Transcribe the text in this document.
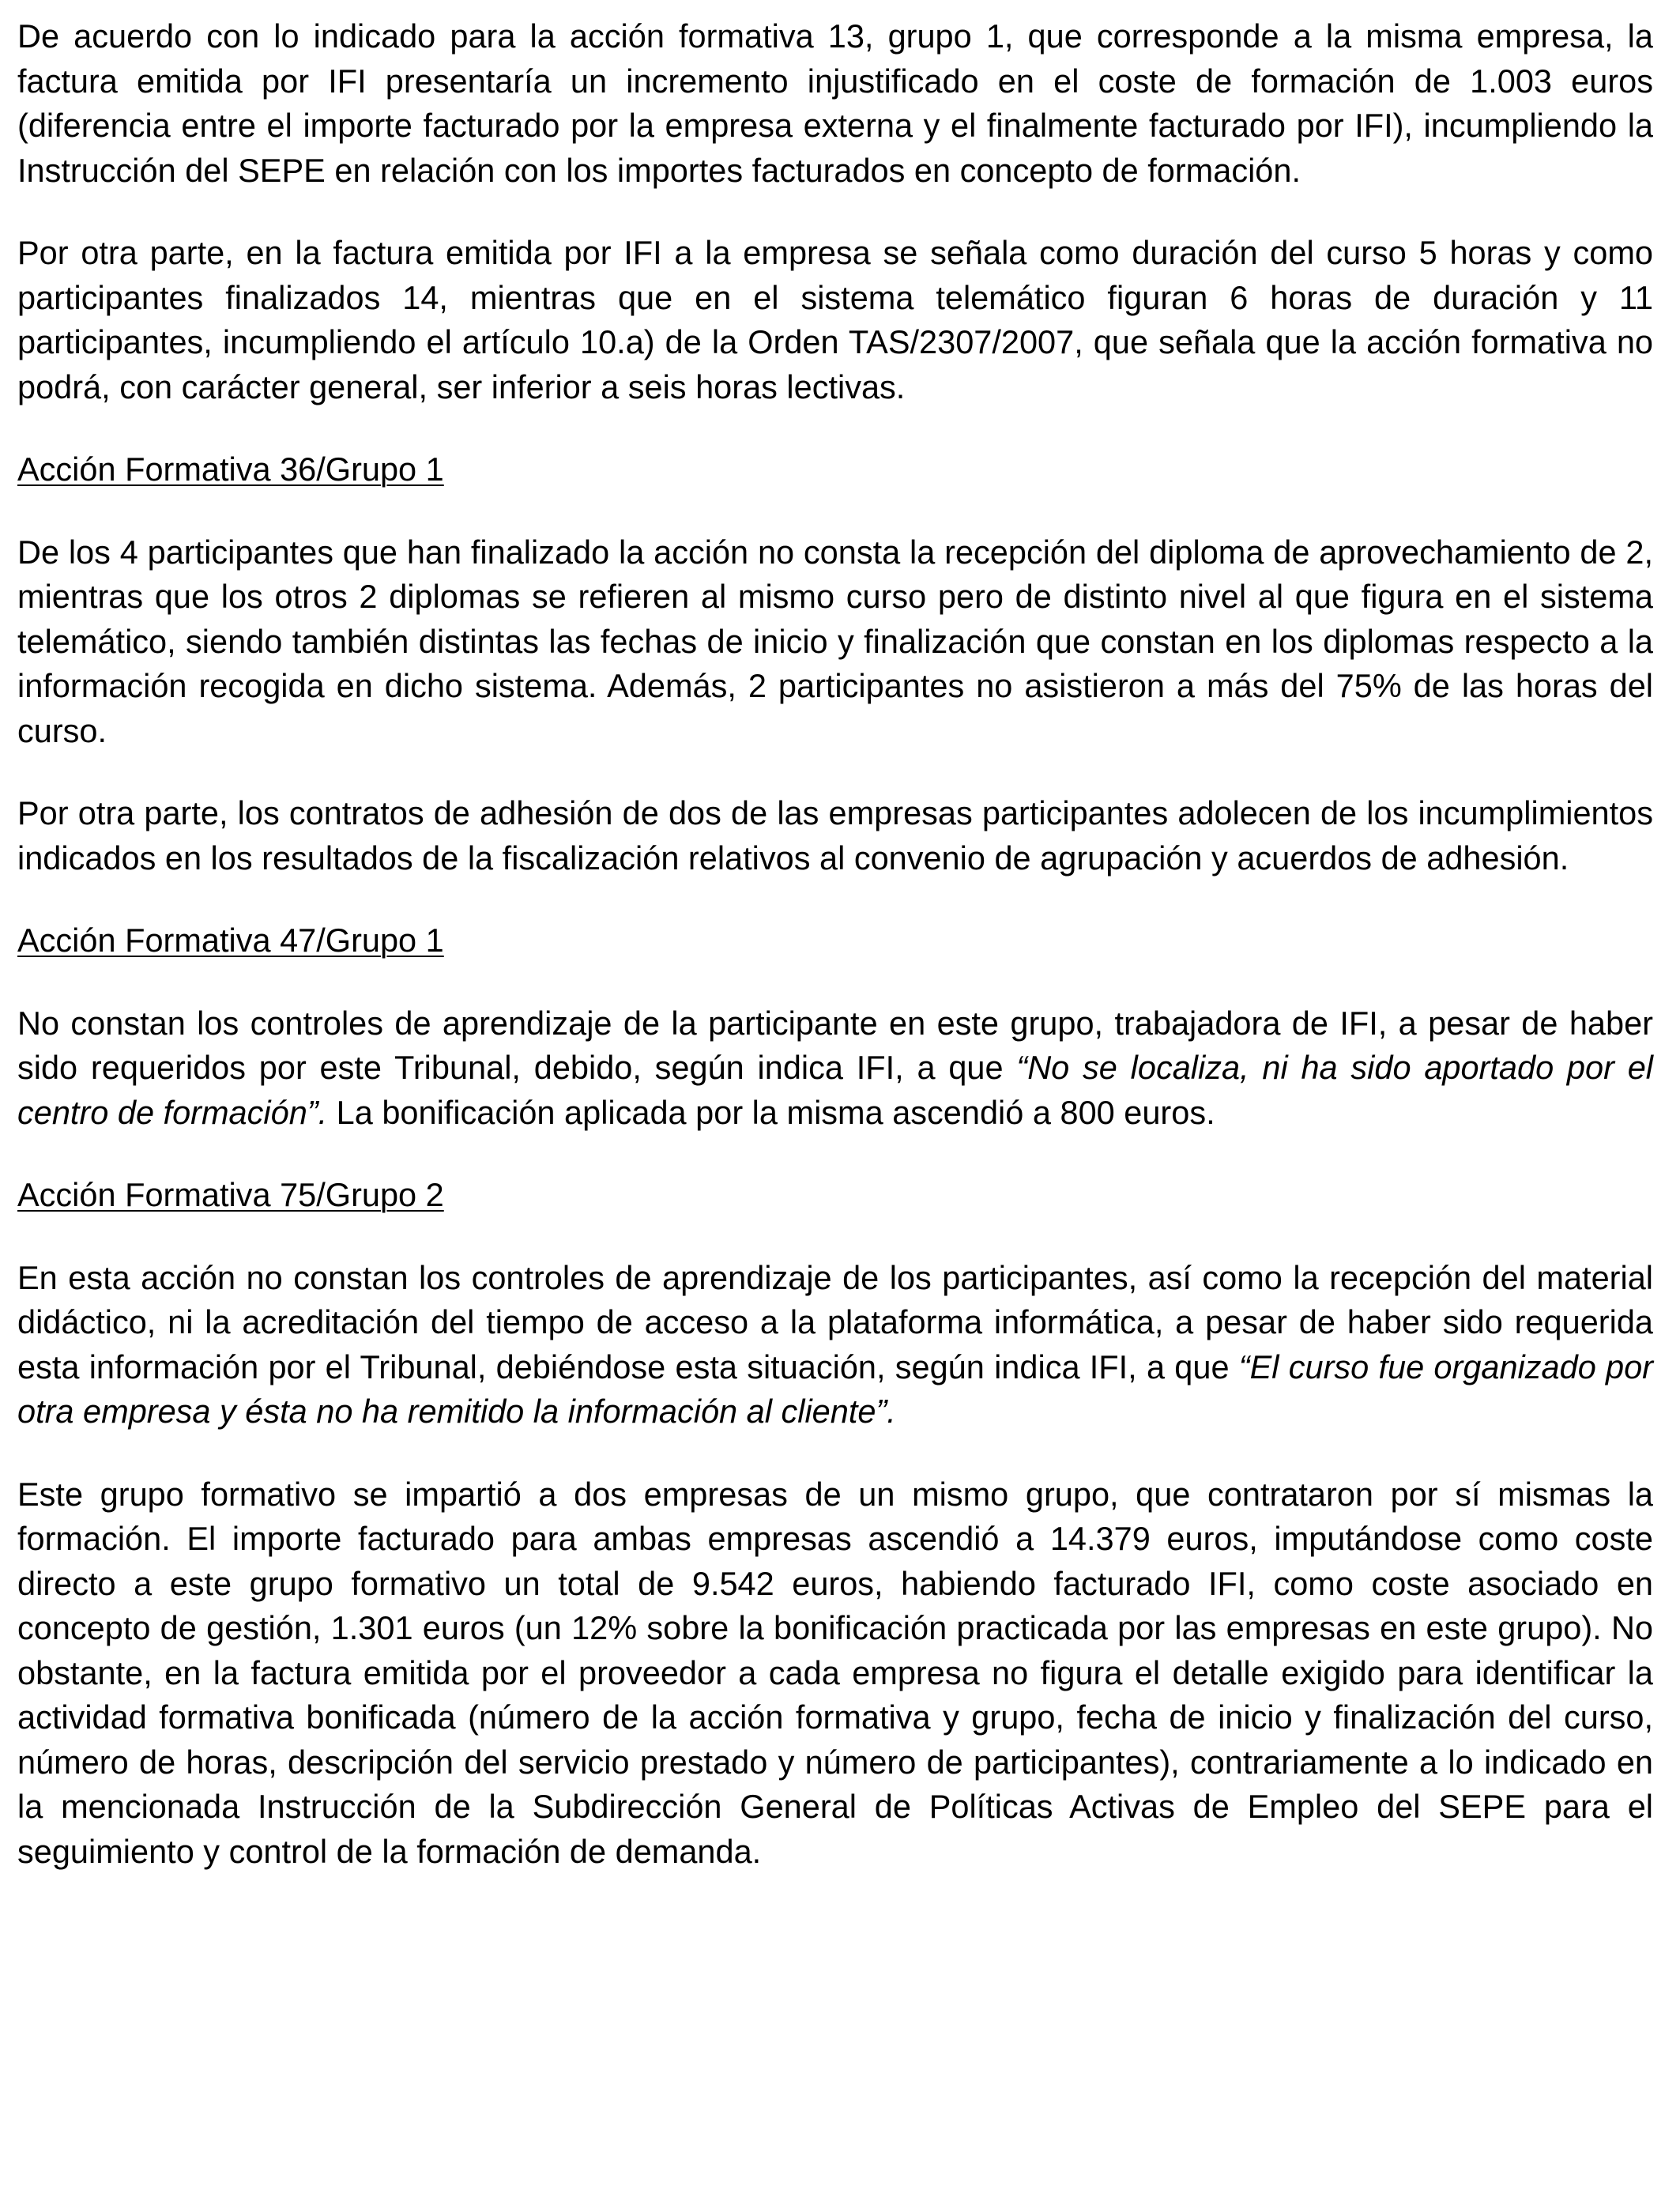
De acuerdo con lo indicado para la acción formativa 13, grupo 1, que corresponde a la misma empresa, la factura emitida por IFI presentaría un incremento injustificado en el coste de formación de 1.003 euros (diferencia entre el importe facturado por la empresa externa y el finalmente facturado por IFI), incumpliendo la Instrucción del SEPE en relación con los importes facturados en concepto de formación.

Por otra parte, en la factura emitida por IFI a la empresa se señala como duración del curso 5 horas y como participantes finalizados 14, mientras que en el sistema telemático figuran 6 horas de duración y 11 participantes, incumpliendo el artículo 10.a) de la Orden TAS/2307/2007, que señala que la acción formativa no podrá, con carácter general, ser inferior a seis horas lectivas.

Acción Formativa 36/Grupo 1

De los 4 participantes que han finalizado la acción no consta la recepción del diploma de aprovechamiento de 2, mientras que los otros 2 diplomas se refieren al mismo curso pero de distinto nivel al que figura en el sistema telemático, siendo también distintas las fechas de inicio y finalización que constan en los diplomas respecto a la información recogida en dicho sistema. Además, 2 participantes no asistieron a más del 75% de las horas del curso.

Por otra parte, los contratos de adhesión de dos de las empresas participantes adolecen de los incumplimientos indicados en los resultados de la fiscalización relativos al convenio de agrupación y acuerdos de adhesión.

Acción Formativa 47/Grupo 1

No constan los controles de aprendizaje de la participante en este grupo, trabajadora de IFI, a pesar de haber sido requeridos por este Tribunal, debido, según indica IFI, a que “No se localiza, ni ha sido aportado por el centro de formación”. La bonificación aplicada por la misma ascendió a 800 euros.

Acción Formativa 75/Grupo 2

En esta acción no constan los controles de aprendizaje de los participantes, así como la recepción del material didáctico, ni la acreditación del tiempo de acceso a la plataforma informática, a pesar de haber sido requerida esta información por el Tribunal, debiéndose esta situación, según indica IFI, a que “El curso fue organizado por otra empresa y ésta no ha remitido la información al cliente”.

Este grupo formativo se impartió a dos empresas de un mismo grupo, que contrataron por sí mismas la formación. El importe facturado para ambas empresas ascendió a 14.379 euros, imputándose como coste directo a este grupo formativo un total de 9.542 euros, habiendo facturado IFI, como coste asociado en concepto de gestión, 1.301 euros (un 12% sobre la bonificación practicada por las empresas en este grupo). No obstante, en la factura emitida por el proveedor a cada empresa no figura el detalle exigido para identificar la actividad formativa bonificada (número de la acción formativa y grupo, fecha de inicio y finalización del curso, número de horas, descripción del servicio prestado y número de participantes), contrariamente a lo indicado en la mencionada Instrucción de la Subdirección General de Políticas Activas de Empleo del SEPE para el seguimiento y control de la formación de demanda.
